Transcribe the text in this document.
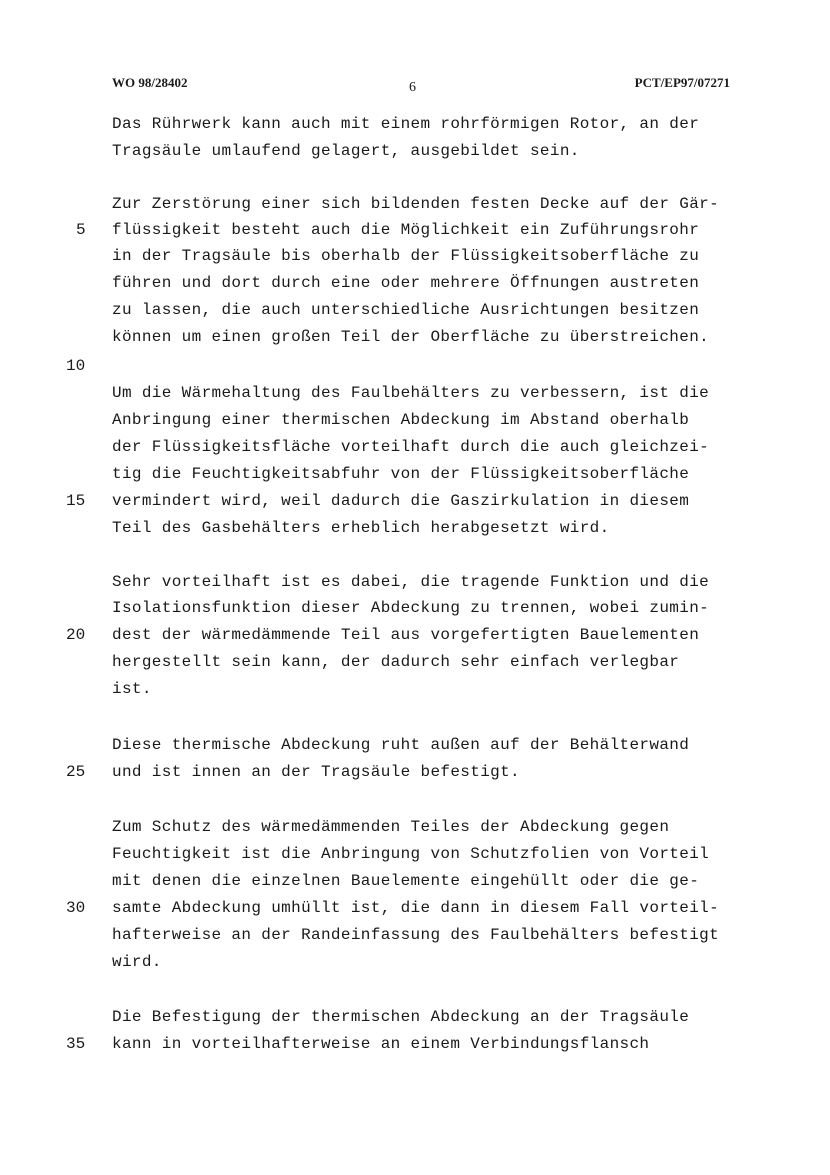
WO 98/28402	6	PCT/EP97/07271
Das Rührwerk kann auch mit einem rohrförmigen Rotor, an der
Tragsäule umlaufend gelagert, ausgebildet sein.
Zur Zerstörung einer sich bildenden festen Decke auf der Gär-
flüssigkeit besteht auch die Möglichkeit ein Zuführungsrohr
in der Tragsäule bis oberhalb der Flüssigkeitsoberfläche zu
führen und dort durch eine oder mehrere Öffnungen austreten
zu lassen, die auch unterschiedliche Ausrichtungen besitzen
können um einen großen Teil der Oberfläche zu überstreichen.
Um die Wärmehaltung des Faulbehälters zu verbessern, ist die
Anbringung einer thermischen Abdeckung im Abstand oberhalb
der Flüssigkeitsfläche vorteilhaft durch die auch gleichzei-
tig die Feuchtigkeitsabfuhr von der Flüssigkeitsoberfläche
vermindert wird, weil dadurch die Gaszirkulation in diesem
Teil des Gasbehälters erheblich herabgesetzt wird.
Sehr vorteilhaft ist es dabei, die tragende Funktion und die
Isolationsfunktion dieser Abdeckung zu trennen, wobei zumin-
dest der wärmedämmende Teil aus vorgefertigten Bauelementen
hergestellt sein kann, der dadurch sehr einfach verlegbar
ist.
Diese thermische Abdeckung ruht außen auf der Behälterwand
und ist innen an der Tragsäule befestigt.
Zum Schutz des wärmedämmenden Teiles der Abdeckung gegen
Feuchtigkeit ist die Anbringung von Schutzfolien von Vorteil
mit denen die einzelnen Bauelemente eingehüllt oder die ge-
samte Abdeckung umhüllt ist, die dann in diesem Fall vorteil-
hafterweise an der Randeinfassung des Faulbehälters befestigt
wird.
Die Befestigung der thermischen Abdeckung an der Tragsäule
kann in vorteilhafterweise an einem Verbindungsflansch
5
10
15
20
25
30
35
